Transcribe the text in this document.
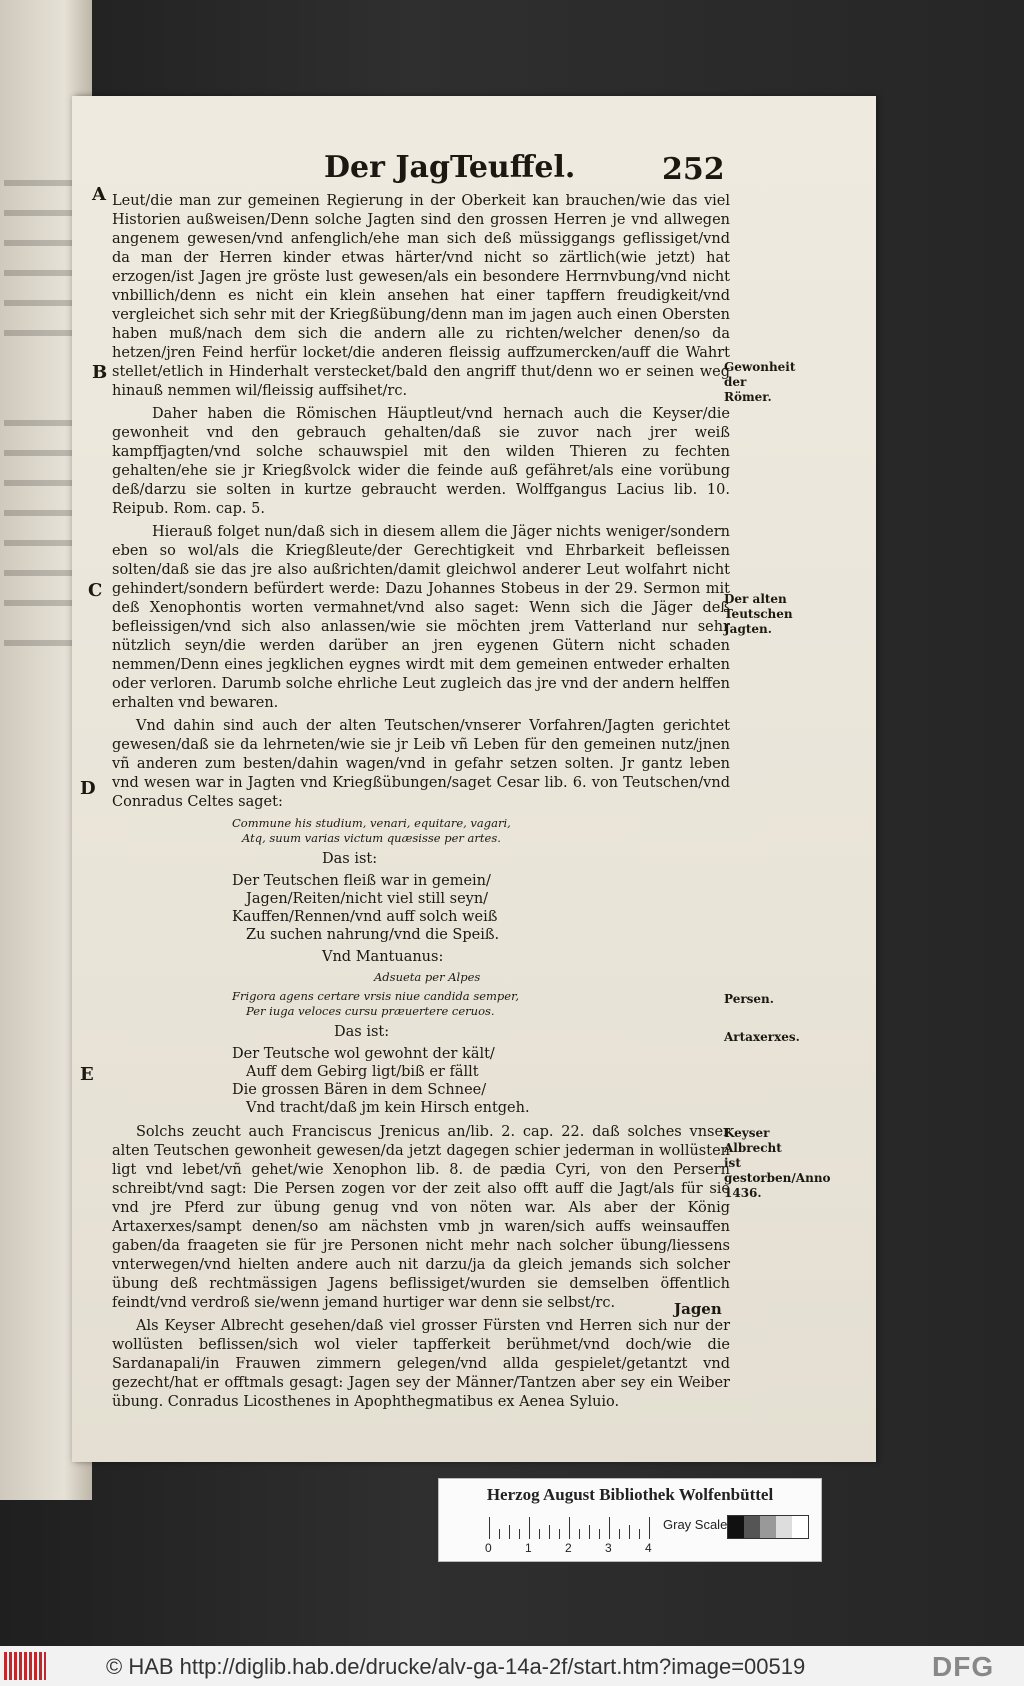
Der JagTeuffel.	252
A
B
C
D
E

Leut/die man zur gemeinen Regierung in der Oberkeit kan brauchen/wie das viel Historien außweisen/Denn solche Jagten sind den grossen Herren je vnd allwegen angenem gewesen/vnd anfenglich/ehe man sich deß müssiggangs geflissiget/vnd da man der Herren kinder etwas härter/vnd nicht so zärtlich(wie jetzt) hat erzogen/ist Jagen jre gröste lust gewesen/als ein besondere Herrnvbung/vnd nicht vnbillich/denn es nicht ein klein ansehen hat einer tapffern freudigkeit/vnd vergleichet sich sehr mit der Kriegßübung/denn man im jagen auch einen Obersten haben muß/nach dem sich die andern alle zu richten/welcher denen/so da hetzen/jren Feind herfür locket/die anderen fleissig auffzumercken/auff die Wahrt stellet/etlich in Hinderhalt verstecket/bald den angriff thut/denn wo er seinen weg hinauß nemmen wil/fleissig auffsihet/rc.

Daher haben die Römischen Häuptleut/vnd hernach auch die Keyser/die gewonheit vnd den gebrauch gehalten/daß sie zuvor nach jrer weiß kampffjagten/vnd solche schauwspiel mit den wilden Thieren zu fechten gehalten/ehe sie jr Kriegßvolck wider die feinde auß gefähret/als eine vorübung deß/darzu sie solten in kurtze gebraucht werden. Wolffgangus Lacius lib. 10. Reipub. Rom. cap. 5.

Hierauß folget nun/daß sich in diesem allem die Jäger nichts weniger/sondern eben so wol/als die Kriegßleute/der Gerechtigkeit vnd Ehrbarkeit befleissen solten/daß sie das jre also außrichten/damit gleichwol anderer Leut wolfahrt nicht gehindert/sondern befürdert werde: Dazu Johannes Stobeus in der 29. Sermon mit deß Xenophontis worten vermahnet/vnd also saget: Wenn sich die Jäger deß befleissigen/vnd sich also anlassen/wie sie möchten jrem Vatterland nur sehr nützlich seyn/die werden darüber an jren eygenen Gütern nicht schaden nemmen/Denn eines jegklichen eygnes wirdt mit dem gemeinen entweder erhalten oder verloren. Darumb solche ehrliche Leut zugleich das jre vnd der andern helffen erhalten vnd bewaren.

Vnd dahin sind auch der alten Teutschen/vnserer Vorfahren/Jagten gerichtet gewesen/daß sie da lehrneten/wie sie jr Leib vñ Leben für den gemeinen nutz/jnen vñ anderen zum besten/dahin wagen/vnd in gefahr setzen solten. Jr gantz leben vnd wesen war in Jagten vnd Kriegßübungen/saget Cesar lib. 6. von Teutschen/vnd Conradus Celtes saget:

Commune his studium, venari, equitare, vagari,
Atq, suum varias victum quæsisse per artes.
Das ist:
Der Teutschen fleiß war in gemein/
Jagen/Reiten/nicht viel still seyn/
Kauffen/Rennen/vnd auff solch weiß
Zu suchen nahrung/vnd die Speiß.
Vnd Mantuanus:
Adsueta per Alpes
Frigora agens certare vrsis niue candida semper,
Per iuga veloces cursu præuertere ceruos.
Das ist:
Der Teutsche wol gewohnt der kält/
Auff dem Gebirg ligt/biß er fällt
Die grossen Bären in dem Schnee/
Vnd tracht/daß jm kein Hirsch entgeh.

Solchs zeucht auch Franciscus Jrenicus an/lib. 2. cap. 22. daß solches vnser alten Teutschen gewonheit gewesen/da jetzt dagegen schier jederman in wollüsten ligt vnd lebet/vñ gehet/wie Xenophon lib. 8. de pædia Cyri, von den Persern schreibt/vnd sagt: Die Persen zogen vor der zeit also offt auff die Jagt/als für sie vnd jre Pferd zur übung genug vnd von nöten war. Als aber der König Artaxerxes/sampt denen/so am nächsten vmb jn waren/sich auffs weinsauffen gaben/da fraageten sie für jre Personen nicht mehr nach solcher übung/liessens vnterwegen/vnd hielten andere auch nit darzu/ja da gleich jemands sich solcher übung deß rechtmässigen Jagens beflissiget/wurden sie demselben öffentlich feindt/vnd verdroß sie/wenn jemand hurtiger war denn sie selbst/rc.

Als Keyser Albrecht gesehen/daß viel grosser Fürsten vnd Herren sich nur der wollüsten beflissen/sich wol vieler tapfferkeit berühmet/vnd doch/wie die Sardanapali/in Frauwen zimmern gelegen/vnd allda gespielet/getantzt vnd gezecht/hat er offtmals gesagt: Jagen sey der Männer/Tantzen aber sey ein Weiber übung. Conradus Licosthenes in Apophthegmatibus ex Aenea Syluio.

Gewonheit der Römer.
Der alten Teutschen Jagten.
Persen.
Artaxerxes.
Keyser Albrecht ist gestorben/Anno 1436.
Jagen
Herzog August Bibliothek Wolfenbüttel
0	1	2	3	4
Gray Scale
© HAB http://diglib.hab.de/drucke/alv-ga-14a-2f/start.htm?image=00519	DFG
